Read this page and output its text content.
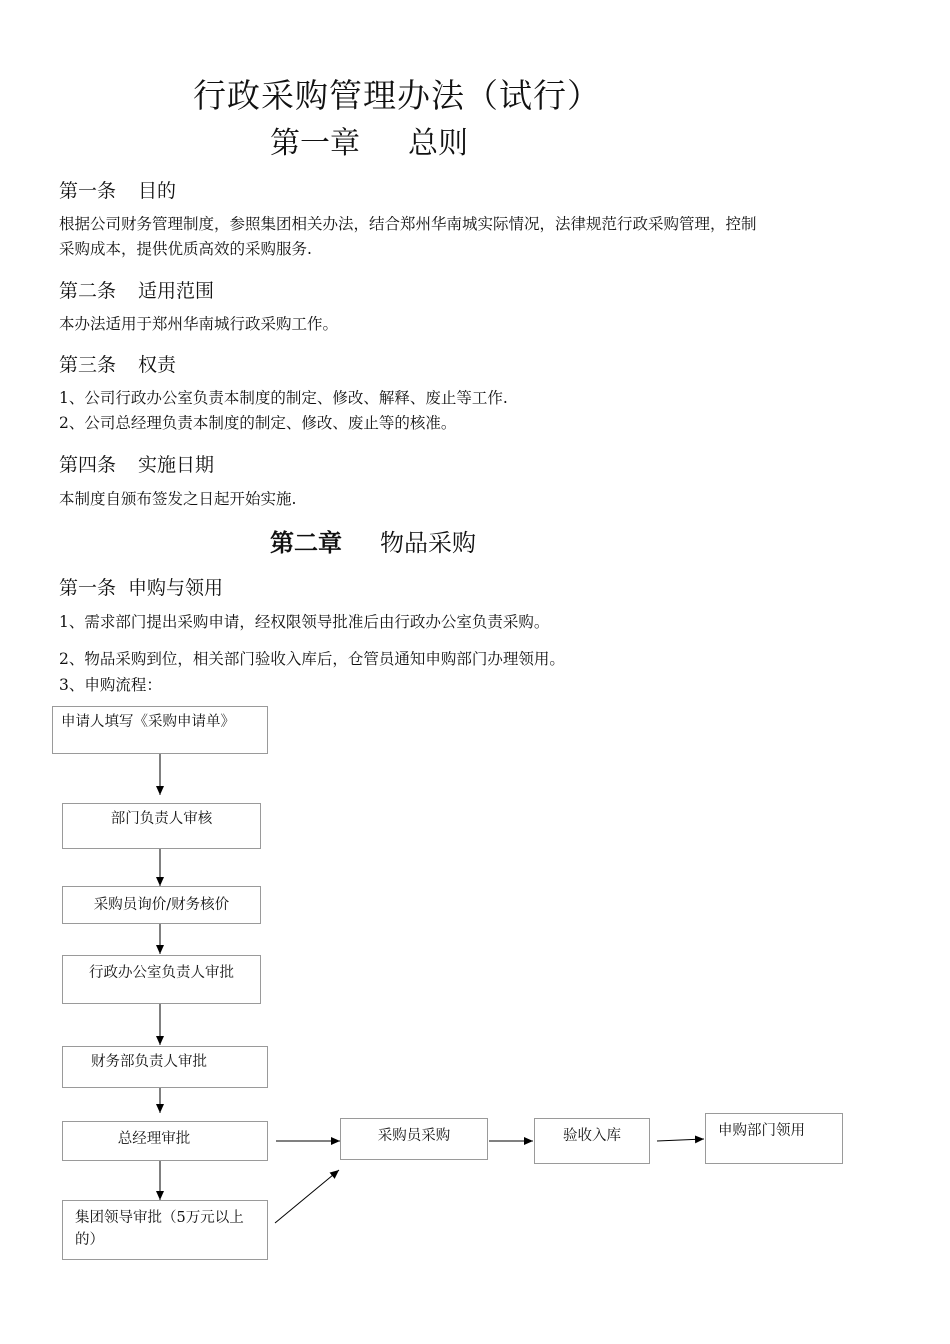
行政采购管理办法（试行）
第一章 总则
第一条 目的
根据公司财务管理制度，参照集团相关办法，结合郑州华南城实际情况，法律规范行政采购管理，控制
采购成本，提供优质高效的采购服务.
第二条 适用范围
本办法适用于郑州华南城行政采购工作。
第三条 权责
1、公司行政办公室负责本制度的制定、修改、解释、废止等工作.
2、公司总经理负责本制度的制定、修改、废止等的核准。
第四条 实施日期
本制度自颁布签发之日起开始实施.
第二章 物品采购
第一条 申购与领用
1、需求部门提出采购申请，经权限领导批准后由行政办公室负责采购。
2、物品采购到位，相关部门验收入库后，仓管员通知申购部门办理领用。
3、申购流程：
申请人填写《采购申请单》
部门负责人审核
采购员询价/财务核价
行政办公室负责人审批
财务部负责人审批
总经理审批
集团领导审批（5万元以上的）
采购员采购	验收入库	申购部门领用
